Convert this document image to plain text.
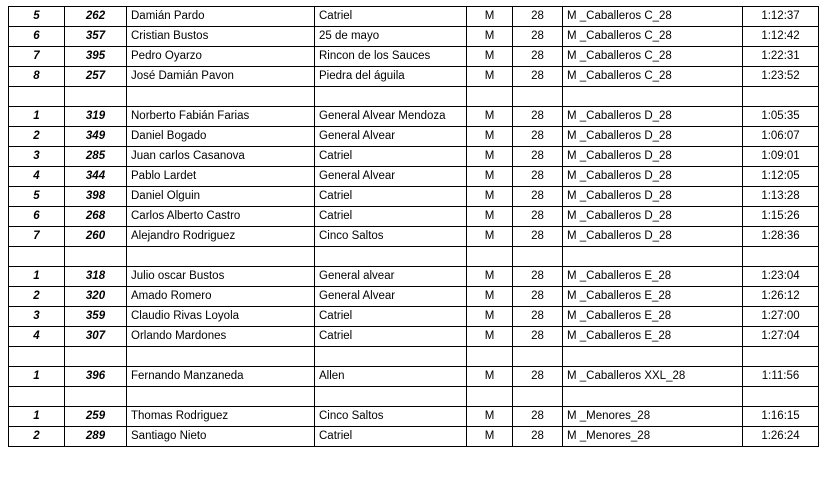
5	262	Damián Pardo	Catriel	M	28	M _Caballeros C_28	1:12:37
6	357	Cristian Bustos	25 de mayo	M	28	M _Caballeros C_28	1:12:42
7	395	Pedro Oyarzo	Rincon de los Sauces	M	28	M _Caballeros C_28	1:22:31
8	257	José Damián Pavon	Piedra del águila	M	28	M _Caballeros C_28	1:23:52

1	319	Norberto Fabián Farias	General Alvear Mendoza	M	28	M _Caballeros D_28	1:05:35
2	349	Daniel Bogado	General Alvear	M	28	M _Caballeros D_28	1:06:07
3	285	Juan carlos Casanova	Catriel	M	28	M _Caballeros D_28	1:09:01
4	344	Pablo Lardet	General Alvear	M	28	M _Caballeros D_28	1:12:05
5	398	Daniel Olguin	Catriel	M	28	M _Caballeros D_28	1:13:28
6	268	Carlos Alberto Castro	Catriel	M	28	M _Caballeros D_28	1:15:26
7	260	Alejandro Rodriguez	Cinco Saltos	M	28	M _Caballeros D_28	1:28:36

1	318	Julio oscar Bustos	General alvear	M	28	M _Caballeros E_28	1:23:04
2	320	Amado Romero	General Alvear	M	28	M _Caballeros E_28	1:26:12
3	359	Claudio Rivas Loyola	Catriel	M	28	M _Caballeros E_28	1:27:00
4	307	Orlando Mardones	Catriel	M	28	M _Caballeros E_28	1:27:04

1	396	Fernando Manzaneda	Allen	M	28	M _Caballeros XXL_28	1:11:56

1	259	Thomas Rodriguez	Cinco Saltos	M	28	M _Menores_28	1:16:15
2	289	Santiago Nieto	Catriel	M	28	M _Menores_28	1:26:24
